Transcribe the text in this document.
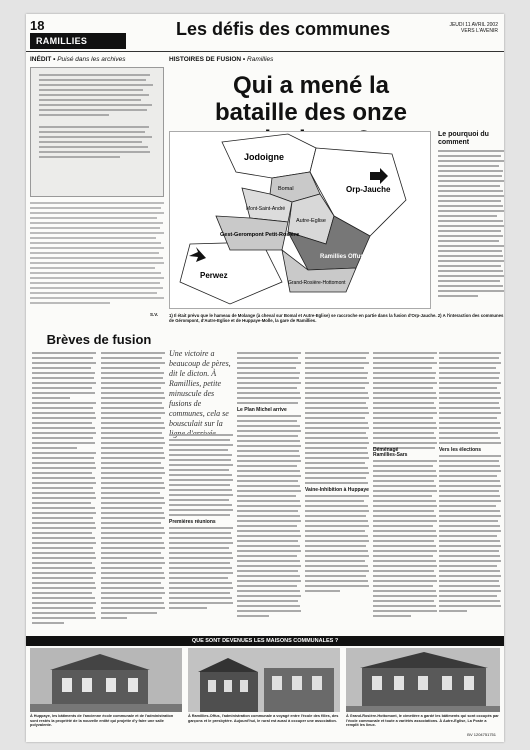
18
RAMILLIES
Les défis des communes	JEUDI 11 AVRIL 2002
VERS L'AVENIR
INÉDIT • Puisé dans les archives
S.V.
HISTOIRES DE FUSION • Ramillies
Qui a mené la bataille des onze
Jodoigne
Orp-Jauche
Perwez
Bomal
Mont-Saint-André
Gest-Gerompont Petit-Rosière
Autre-Eglise
Ramillies Offus
Grand-Rosière-Hottomont
Le pourquoi du comment
1) Il était prévu que le hameau de Molange (à cheval sur Bomal et Autre-Eglise) se raccroche en partie dans la fusion d'Orp-Jauche. 2) A l'interaction des communes de Gérompont, d'Autre-Eglise et de Huppaye-Molle, la gare de Ramillies.
Brèves de fusion
Une victoire a beaucoup de pères, dit le dicton. À Ramillies, petite minuscule des fusions de communes, cela se bousculait sur la
Premières réunions
Le Plan Michel arrive
Vaine-Inhibition à Huppaye
Ramillies-Sars
Vers les élections
Déménagé
QUE SONT DEVENUES LES MAISONS COMMUNALES ?
À Huppaye, les bâtiments de l'ancienne école communale et de l'administration sont restés la propriété de la nouvelle entité qui projette d'y faire une salle polyvalente.
À Ramillies-Offus, l'administration communale a voyagé entre l'école des filles, des garçons et le presbytère. Aujourd'hui, le rural est aussi à occuper une association.
À Grand-Rosière-Hottomont, le cimetière a gardé les bâtiments qui sont occupés par l'école communale et toute a variétés associations. À Autre-Eglise, La Poste a remplit les lieux.
BV 1204751751
